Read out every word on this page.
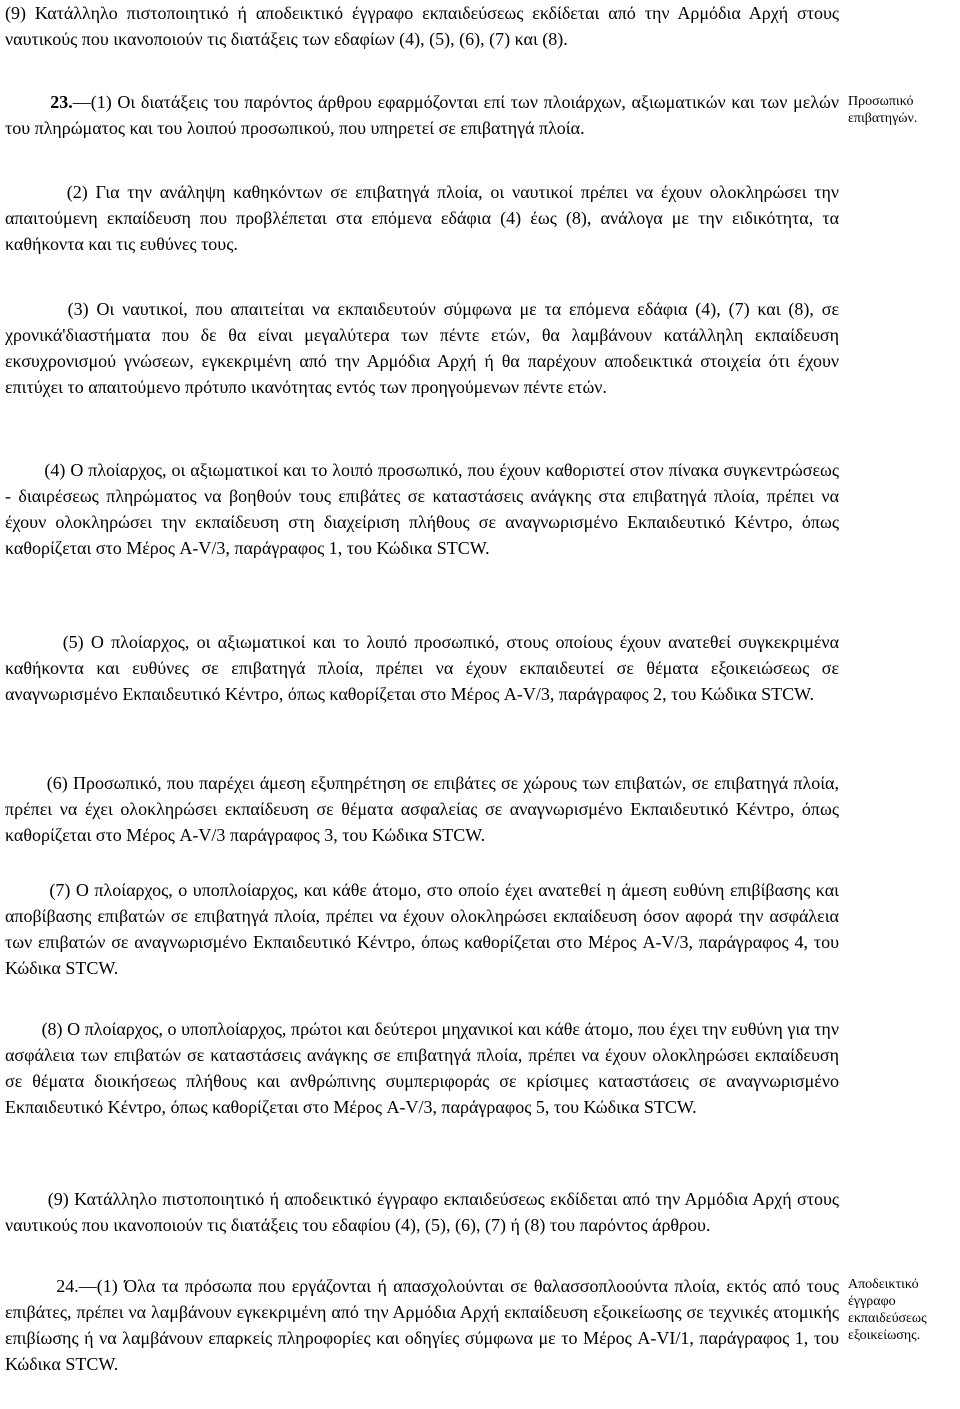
(9) Κατάλληλο πιστοποιητικό ή αποδεικτικό έγγραφο εκπαιδεύσεως εκδίδεται από την Αρμόδια Αρχή στους ναυτικούς που ικανοποιούν τις διατάξεις των εδαφίων (4), (5), (6), (7) και (8).

23.—(1) Οι διατάξεις του παρόντος άρθρου εφαρμόζονται επί των πλοιάρχων, αξιωματικών και των μελών του πληρώματος και του λοιπού προσωπικού, που υπηρετεί σε επιβατηγά πλοία.

(2) Για την ανάληψη καθηκόντων σε επιβατηγά πλοία, οι ναυτικοί πρέπει να έχουν ολοκληρώσει την απαιτούμενη εκπαίδευση που προβλέπεται στα επόμενα εδάφια (4) έως (8), ανάλογα με την ειδικότητα, τα καθήκοντα και τις ευθύνες τους.

(3) Οι ναυτικοί, που απαιτείται να εκπαιδευτούν σύμφωνα με τα επόμενα εδάφια (4), (7) και (8), σε χρονικά'διαστήματα που δε θα είναι μεγαλύτερα των πέντε ετών, θα λαμβάνουν κατάλληλη εκπαίδευση εκσυχρονισμού γνώσεων, εγκεκριμένη από την Αρμόδια Αρχή ή θα παρέχουν αποδεικτικά στοιχεία ότι έχουν επιτύχει το απαιτούμενο πρότυπο ικανότητας εντός των προηγούμενων πέντε ετών.

(4) Ο πλοίαρχος, οι αξιωματικοί και το λοιπό προσωπικό, που έχουν καθοριστεί στον πίνακα συγκεντρώσεως - διαιρέσεως πληρώματος να βοηθούν τους επιβάτες σε καταστάσεις ανάγκης στα επιβατηγά πλοία, πρέπει να έχουν ολοκληρώσει την εκπαίδευση στη διαχείριση πλήθους σε αναγνωρισμένο Εκπαιδευτικό Κέντρο, όπως καθορίζεται στο Μέρος A-V/3, παράγραφος 1, του Κώδικα STCW.

(5) Ο πλοίαρχος, οι αξιωματικοί και το λοιπό προσωπικό, στους οποίους έχουν ανατεθεί συγκεκριμένα καθήκοντα και ευθύνες σε επιβατηγά πλοία, πρέπει να έχουν εκπαιδευτεί σε θέματα εξοικειώσεως σε αναγνωρισμένο Εκπαιδευτικό Κέντρο, όπως καθορίζεται στο Μέρος A-V/3, παράγραφος 2, του Κώδικα STCW.

(6) Προσωπικό, που παρέχει άμεση εξυπηρέτηση σε επιβάτες σε χώρους των επιβατών, σε επιβατηγά πλοία, πρέπει να έχει ολοκληρώσει εκπαίδευση σε θέματα ασφαλείας σε αναγνωρισμένο Εκπαιδευτικό Κέντρο, όπως καθορίζεται στο Μέρος A-V/3 παράγραφος 3, του Κώδικα STCW.

(7) Ο πλοίαρχος, ο υποπλοίαρχος, και κάθε άτομο, στο οποίο έχει ανατεθεί η άμεση ευθύνη επιβίβασης και αποβίβασης επιβατών σε επιβατηγά πλοία, πρέπει να έχουν ολοκληρώσει εκπαίδευση όσον αφορά την ασφάλεια των επιβατών σε αναγνωρισμένο Εκπαιδευτικό Κέντρο, όπως καθορίζεται στο Μέρος A-V/3, παράγραφος 4, του Κώδικα STCW.

(8) Ο πλοίαρχος, ο υποπλοίαρχος, πρώτοι και δεύτεροι μηχανικοί και κάθε άτομο, που έχει την ευθύνη για την ασφάλεια των επιβατών σε καταστάσεις ανάγκης σε επιβατηγά πλοία, πρέπει να έχουν ολοκληρώσει εκπαίδευση σε θέματα διοικήσεως πλήθους και ανθρώπινης συμπεριφοράς σε κρίσιμες καταστάσεις σε αναγνωρισμένο Εκπαιδευτικό Κέντρο, όπως καθορίζεται στο Μέρος A-V/3, παράγραφος 5, του Κώδικα STCW.

(9) Κατάλληλο πιστοποιητικό ή αποδεικτικό έγγραφο εκπαιδεύσεως εκδίδεται από την Αρμόδια Αρχή στους ναυτικούς που ικανοποιούν τις διατάξεις του εδαφίου (4), (5), (6), (7) ή (8) του παρόντος άρθρου.

24.—(1) Όλα τα πρόσωπα που εργάζονται ή απασχολούνται σε θαλασσοπλοούντα πλοία, εκτός από τους επιβάτες, πρέπει να λαμβάνουν εγκεκριμένη από την Αρμόδια Αρχή εκπαίδευση εξοικείωσης σε τεχνικές ατομικής επιβίωσης ή να λαμβάνουν επαρκείς πληροφορίες και οδηγίες σύμφωνα με το Μέρος A-VI/1, παράγραφος 1, του Κώδικα STCW.

Προσωπικό επιβατηγών.
Αποδεικτικό έγγραφο εκπαιδεύσεως εξοικείωσης.
